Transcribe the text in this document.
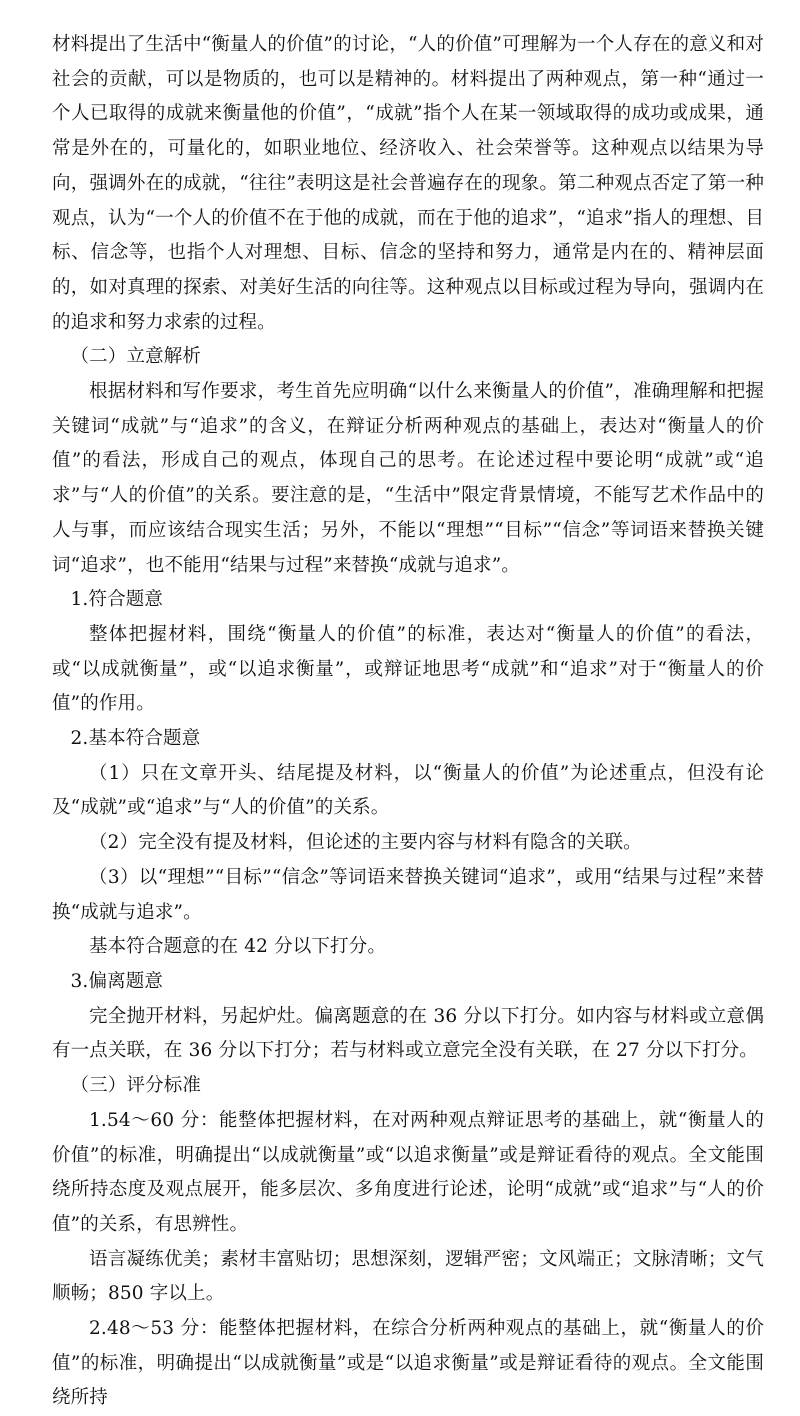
材料提出了生活中“衡量人的价值”的讨论，“人的价值”可理解为一个人存在的意义和对社会的贡献，可以是物质的，也可以是精神的。材料提出了两种观点，第一种“通过一个人已取得的成就来衡量他的价值”，“成就”指个人在某一领域取得的成功或成果，通常是外在的，可量化的，如职业地位、经济收入、社会荣誉等。这种观点以结果为导向，强调外在的成就，“往往”表明这是社会普遍存在的现象。第二种观点否定了第一种观点，认为“一个人的价值不在于他的成就，而在于他的追求”，“追求”指人的理想、目标、信念等，也指个人对理想、目标、信念的坚持和努力，通常是内在的、精神层面的，如对真理的探索、对美好生活的向往等。这种观点以目标或过程为导向，强调内在的追求和努力求索的过程。

（二）立意解析

根据材料和写作要求，考生首先应明确“以什么来衡量人的价值”，准确理解和把握关键词“成就”与“追求”的含义，在辩证分析两种观点的基础上，表达对“衡量人的价值”的看法，形成自己的观点，体现自己的思考。在论述过程中要论明“成就”或“追求”与“人的价值”的关系。要注意的是，“生活中”限定背景情境，不能写艺术作品中的人与事，而应该结合现实生活；另外，不能以“理想”“目标”“信念”等词语来替换关键词“追求”，也不能用“结果与过程”来替换“成就与追求”。

1.符合题意

整体把握材料，围绕“衡量人的价值”的标准，表达对“衡量人的价值”的看法，或“以成就衡量”，或“以追求衡量”，或辩证地思考“成就”和“追求”对于“衡量人的价值”的作用。

2.基本符合题意

（1）只在文章开头、结尾提及材料，以“衡量人的价值”为论述重点，但没有论及“成就”或“追求”与“人的价值”的关系。

（2）完全没有提及材料，但论述的主要内容与材料有隐含的关联。

（3）以“理想”“目标”“信念”等词语来替换关键词“追求”，或用“结果与过程”来替换“成就与追求”。

基本符合题意的在 42 分以下打分。

3.偏离题意

完全抛开材料，另起炉灶。偏离题意的在 36 分以下打分。如内容与材料或立意偶有一点关联，在 36 分以下打分；若与材料或立意完全没有关联，在 27 分以下打分。

（三）评分标准

1.54～60 分：能整体把握材料，在对两种观点辩证思考的基础上，就“衡量人的价值”的标准，明确提出“以成就衡量”或“以追求衡量”或是辩证看待的观点。全文能围绕所持态度及观点展开，能多层次、多角度进行论述，论明“成就”或“追求”与“人的价值”的关系，有思辨性。

语言凝练优美；素材丰富贴切；思想深刻，逻辑严密；文风端正；文脉清晰；文气顺畅；850 字以上。

2.48～53 分：能整体把握材料，在综合分析两种观点的基础上，就“衡量人的价值”的标准，明确提出“以成就衡量”或是“以追求衡量”或是辩证看待的观点。全文能围绕所持
